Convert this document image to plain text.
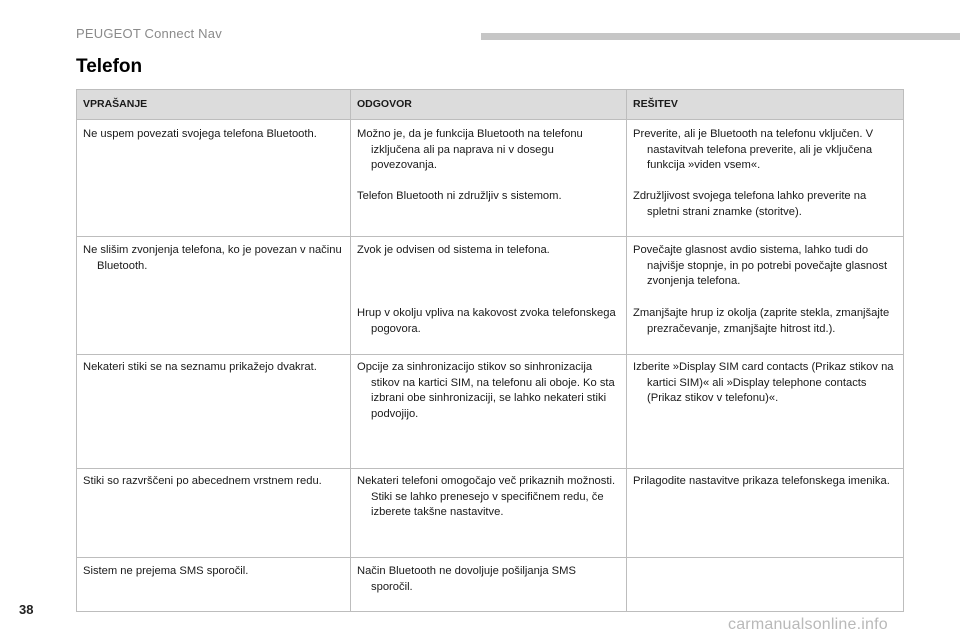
PEUGEOT Connect Nav
Telefon
VPRAŠANJE	ODGOVOR	REŠITEV

Ne uspem povezati svojega telefona Bluetooth.	Možno je, da je funkcija Bluetooth na telefonu izključena ali pa naprava ni v dosegu povezovanja.	Preverite, ali je Bluetooth na telefonu vključen. V nastavitvah telefona preverite, ali je vključena funkcija »viden vsem«.

	Telefon Bluetooth ni združljiv s sistemom.	Združljivost svojega telefona lahko preverite na spletni strani znamke (storitve).

Ne slišim zvonjenja telefona, ko je povezan v načinu Bluetooth.	Zvok je odvisen od sistema in telefona.	Povečajte glasnost avdio sistema, lahko tudi do najvišje stopnje, in po potrebi povečajte glasnost zvonjenja telefona.

	Hrup v okolju vpliva na kakovost zvoka telefonskega pogovora.	Zmanjšajte hrup iz okolja (zaprite stekla, zmanjšajte prezračevanje, zmanjšajte hitrost itd.).

Nekateri stiki se na seznamu prikažejo dvakrat.	Opcije za sinhronizacijo stikov so sinhronizacija stikov na kartici SIM, na telefonu ali oboje. Ko sta izbrani obe sinhronizaciji, se lahko nekateri stiki podvojijo.	Izberite »Display SIM card contacts (Prikaz stikov na kartici SIM)« ali »Display telephone contacts (Prikaz stikov v telefonu)«.

Stiki so razvrščeni po abecednem vrstnem redu.	Nekateri telefoni omogočajo več prikaznih možnosti. Stiki se lahko prenesejo v specifičnem redu, če izberete takšne nastavitve.	Prilagodite nastavitve prikaza telefonskega imenika.

Sistem ne prejema SMS sporočil.	Način Bluetooth ne dovoljuje pošiljanja SMS sporočil.	

38
carmanualsonline.info
